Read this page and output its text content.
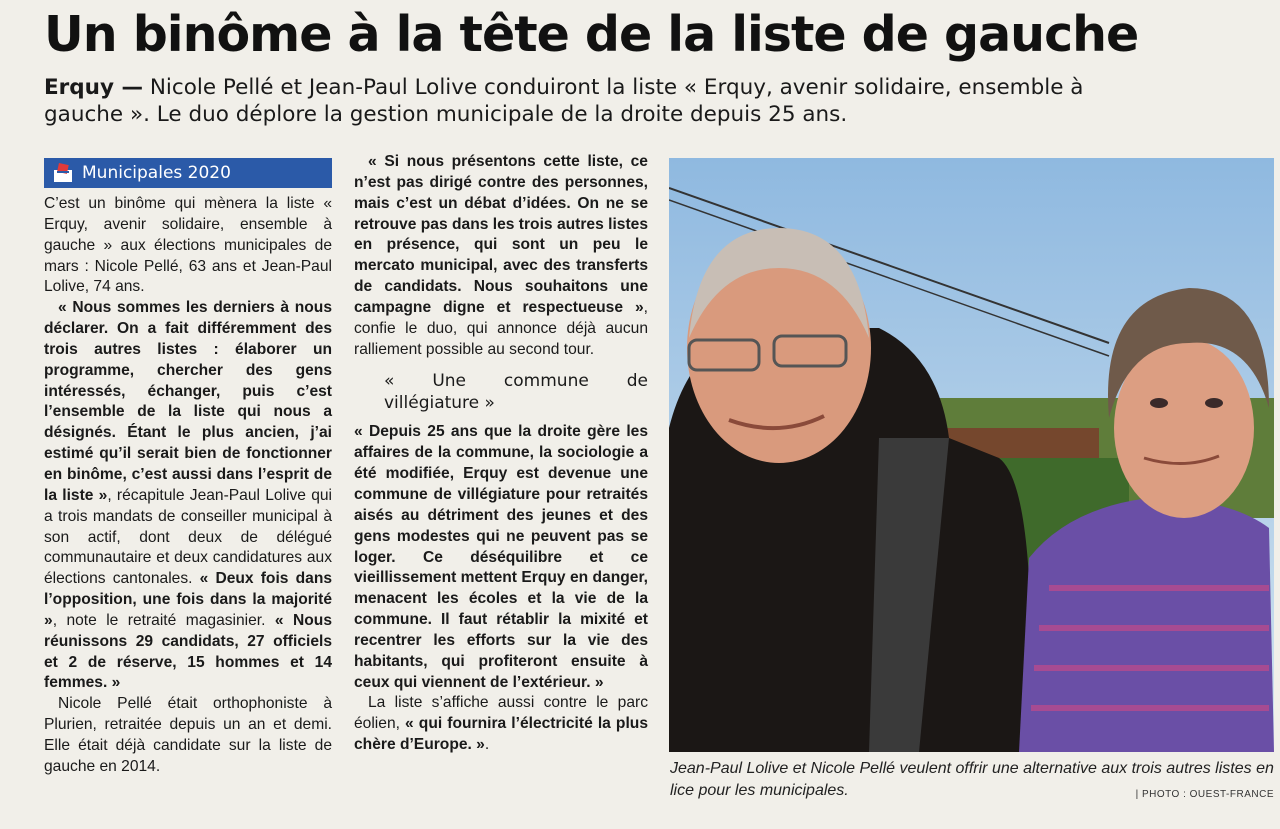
Un binôme à la tête de la liste de gauche

Erquy — Nicole Pellé et Jean-Paul Lolive conduiront la liste « Erquy, avenir solidaire, ensemble à gauche ». Le duo déplore la gestion municipale de la droite depuis 25 ans.

Municipales 2020

C’est un binôme qui mènera la liste « Erquy, avenir solidaire, ensemble à gauche » aux élections municipales de mars : Nicole Pellé, 63 ans et Jean-Paul Lolive, 74 ans.

« Nous sommes les derniers à nous déclarer. On a fait différemment des trois autres listes : élaborer un programme, chercher des gens intéressés, échanger, puis c’est l’ensemble de la liste qui nous a désignés. Étant le plus ancien, j’ai estimé qu’il serait bien de fonctionner en binôme, c’est aussi dans l’esprit de la liste », récapitule Jean-Paul Lolive qui a trois mandats de conseiller municipal à son actif, dont deux de délégué communautaire et deux candidatures aux élections cantonales. « Deux fois dans l’opposition, une fois dans la majorité », note le retraité magasinier. « Nous réunissons 29 candidats, 27 officiels et 2 de réserve, 15 hommes et 14 femmes. »

Nicole Pellé était orthophoniste à Plurien, retraitée depuis un an et demi. Elle était déjà candidate sur la liste de gauche en 2014.

« Si nous présentons cette liste, ce n’est pas dirigé contre des personnes, mais c’est un débat d’idées. On ne se retrouve pas dans les trois autres listes en présence, qui sont un peu le mercato municipal, avec des transferts de candidats. Nous souhaitons une campagne digne et respectueuse », confie le duo, qui annonce déjà aucun ralliement possible au second tour.

« Une commune de villégiature »

« Depuis 25 ans que la droite gère les affaires de la commune, la sociologie a été modifiée, Erquy est devenue une commune de villégiature pour retraités aisés au détriment des jeunes et des gens modestes qui ne peuvent pas se loger. Ce déséquilibre et ce vieillissement mettent Erquy en danger, menacent les écoles et la vie de la commune. Il faut rétablir la mixité et recentrer les efforts sur la vie des habitants, qui profiteront ensuite à ceux qui viennent de l’extérieur. »

La liste s’affiche aussi contre le parc éolien, « qui fournira l’électricité la plus chère d’Europe. ».

Jean-Paul Lolive et Nicole Pellé veulent offrir une alternative aux trois autres listes en lice pour les municipales.	| PHOTO : OUEST-FRANCE
